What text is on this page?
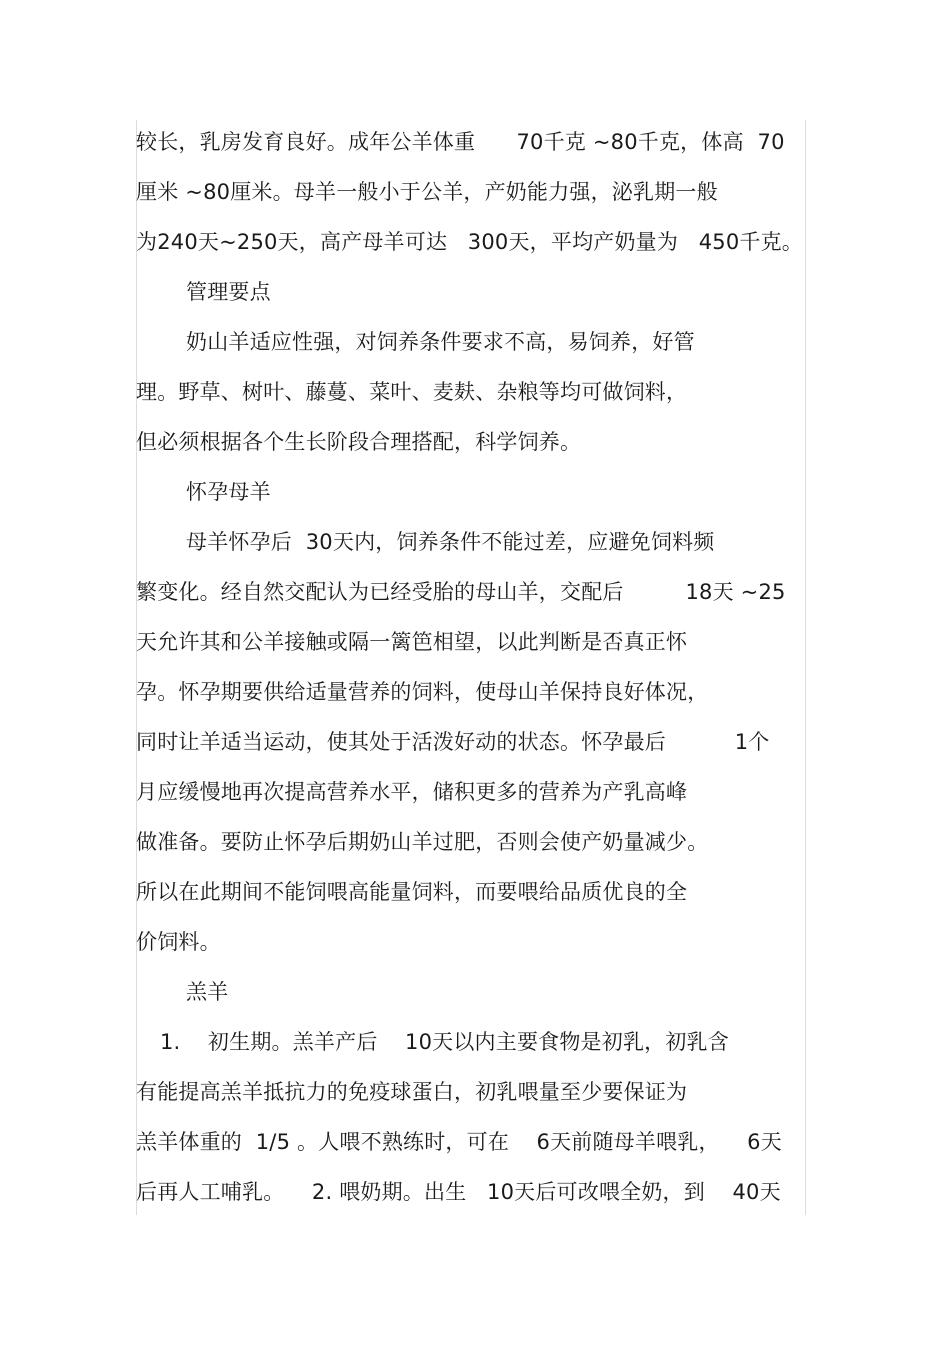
较长，乳房发育良好。成年公羊体重      70千克 ~80千克，体高  70
厘米 ~80厘米。母羊一般小于公羊，产奶能力强，泌乳期一般
为240天~250天，高产母羊可达   300天，平均产奶量为   450千克。
管理要点
奶山羊适应性强，对饲养条件要求不高，易饲养，好管
理。野草、树叶、藤蔓、菜叶、麦麸、杂粮等均可做饲料，
但必须根据各个生长阶段合理搭配，科学饲养。
怀孕母羊
母羊怀孕后  30天内，饲养条件不能过差，应避免饲料频
繁变化。经自然交配认为已经受胎的母山羊，交配后         18天 ~25
天允许其和公羊接触或隔一篱笆相望，以此判断是否真正怀
孕。怀孕期要供给适量营养的饲料，使母山羊保持良好体况，
同时让羊适当运动，使其处于活泼好动的状态。怀孕最后          1个
月应缓慢地再次提高营养水平，储积更多的营养为产乳高峰
做准备。要防止怀孕后期奶山羊过肥，否则会使产奶量减少。
所以在此期间不能饲喂高能量饲料，而要喂给品质优良的全
价饲料。
羔羊
1.    初生期。羔羊产后    10天以内主要食物是初乳，初乳含
有能提高羔羊抵抗力的免疫球蛋白，初乳喂量至少要保证为
羔羊体重的  1/5 。人喂不熟练时，可在    6天前随母羊喂乳，    6天
后再人工哺乳。    2. 喂奶期。出生   10天后可改喂全奶，到    40天
